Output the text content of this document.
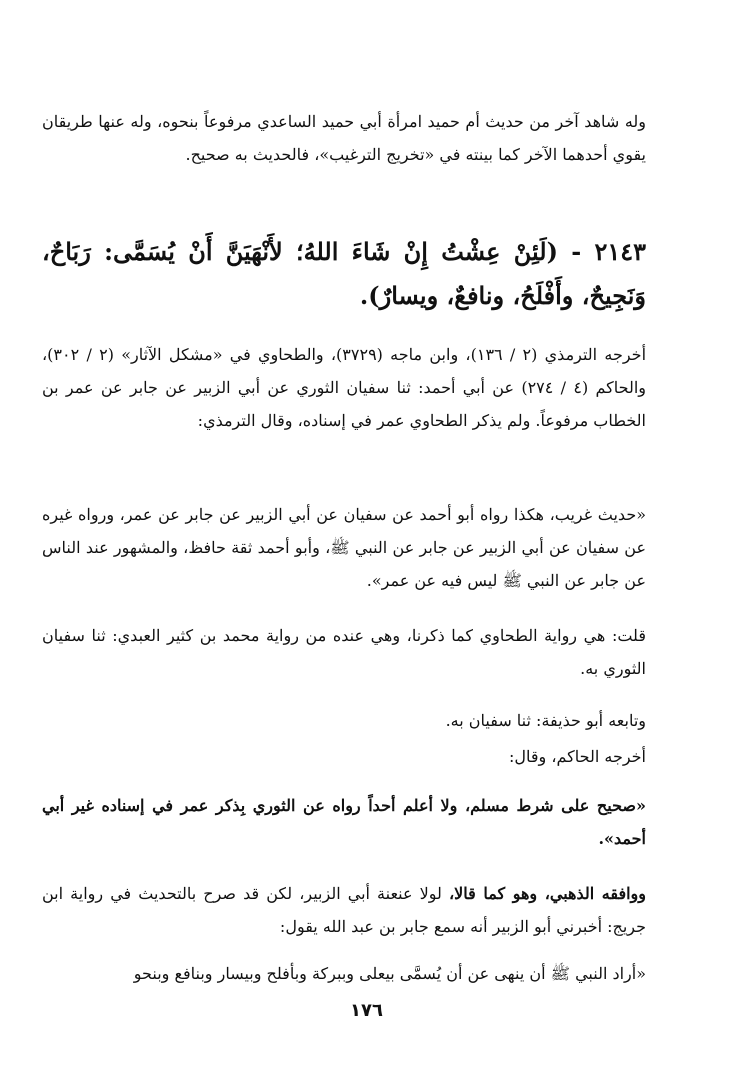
وله شاهد آخر من حديث أم حميد امرأة أبي حميد الساعدي مرفوعاً بنحوه، وله عنها طريقان يقوي أحدهما الآخر كما بينته في «تخريج الترغيب»، فالحديث به صحيح.

٢١٤٣ - (لَئِنْ عِشْتُ إِنْ شَاءَ اللهُ؛ لأَنْهَيَنَّ أَنْ يُسَمَّى: رَبَاحٌ، وَنَجِيحٌ، وأَفْلَحُ، ونافعٌ، ويسارٌ).

أخرجه الترمذي (٢ / ١٣٦)، وابن ماجه (٣٧٢٩)، والطحاوي في «مشكل الآثار» (٢ / ٣٠٢)، والحاكم (٤ / ٢٧٤) عن أبي أحمد: ثنا سفيان الثوري عن أبي الزبير عن جابر عن عمر بن الخطاب مرفوعاً. ولم يذكر الطحاوي عمر في إسناده، وقال الترمذي:

«حديث غريب، هكذا رواه أبو أحمد عن سفيان عن أبي الزبير عن جابر عن عمر، ورواه غيره عن سفيان عن أبي الزبير عن جابر عن النبي ﷺ، وأبو أحمد ثقة حافظ، والمشهور عند الناس عن جابر عن النبي ﷺ ليس فيه عن عمر».

قلت: هي رواية الطحاوي كما ذكرنا، وهي عنده من رواية محمد بن كثير العبدي: ثنا سفيان الثوري به.

وتابعه أبو حذيفة: ثنا سفيان به.

أخرجه الحاكم، وقال:

«صحيح على شرط مسلم، ولا أعلم أحداً رواه عن الثوري بِذكر عمر في إسناده غير أبي أحمد».

ووافقه الذهبي، وهو كما قالا، لولا عنعنة أبي الزبير، لكن قد صرح بالتحديث في رواية ابن جريج: أخبرني أبو الزبير أنه سمع جابر بن عبد الله يقول:

«أراد النبي ﷺ أن ينهى عن أن يُسمَّى بيعلى وببركة وبأفلح وبيسار وبنافع وبنحو

١٧٦
